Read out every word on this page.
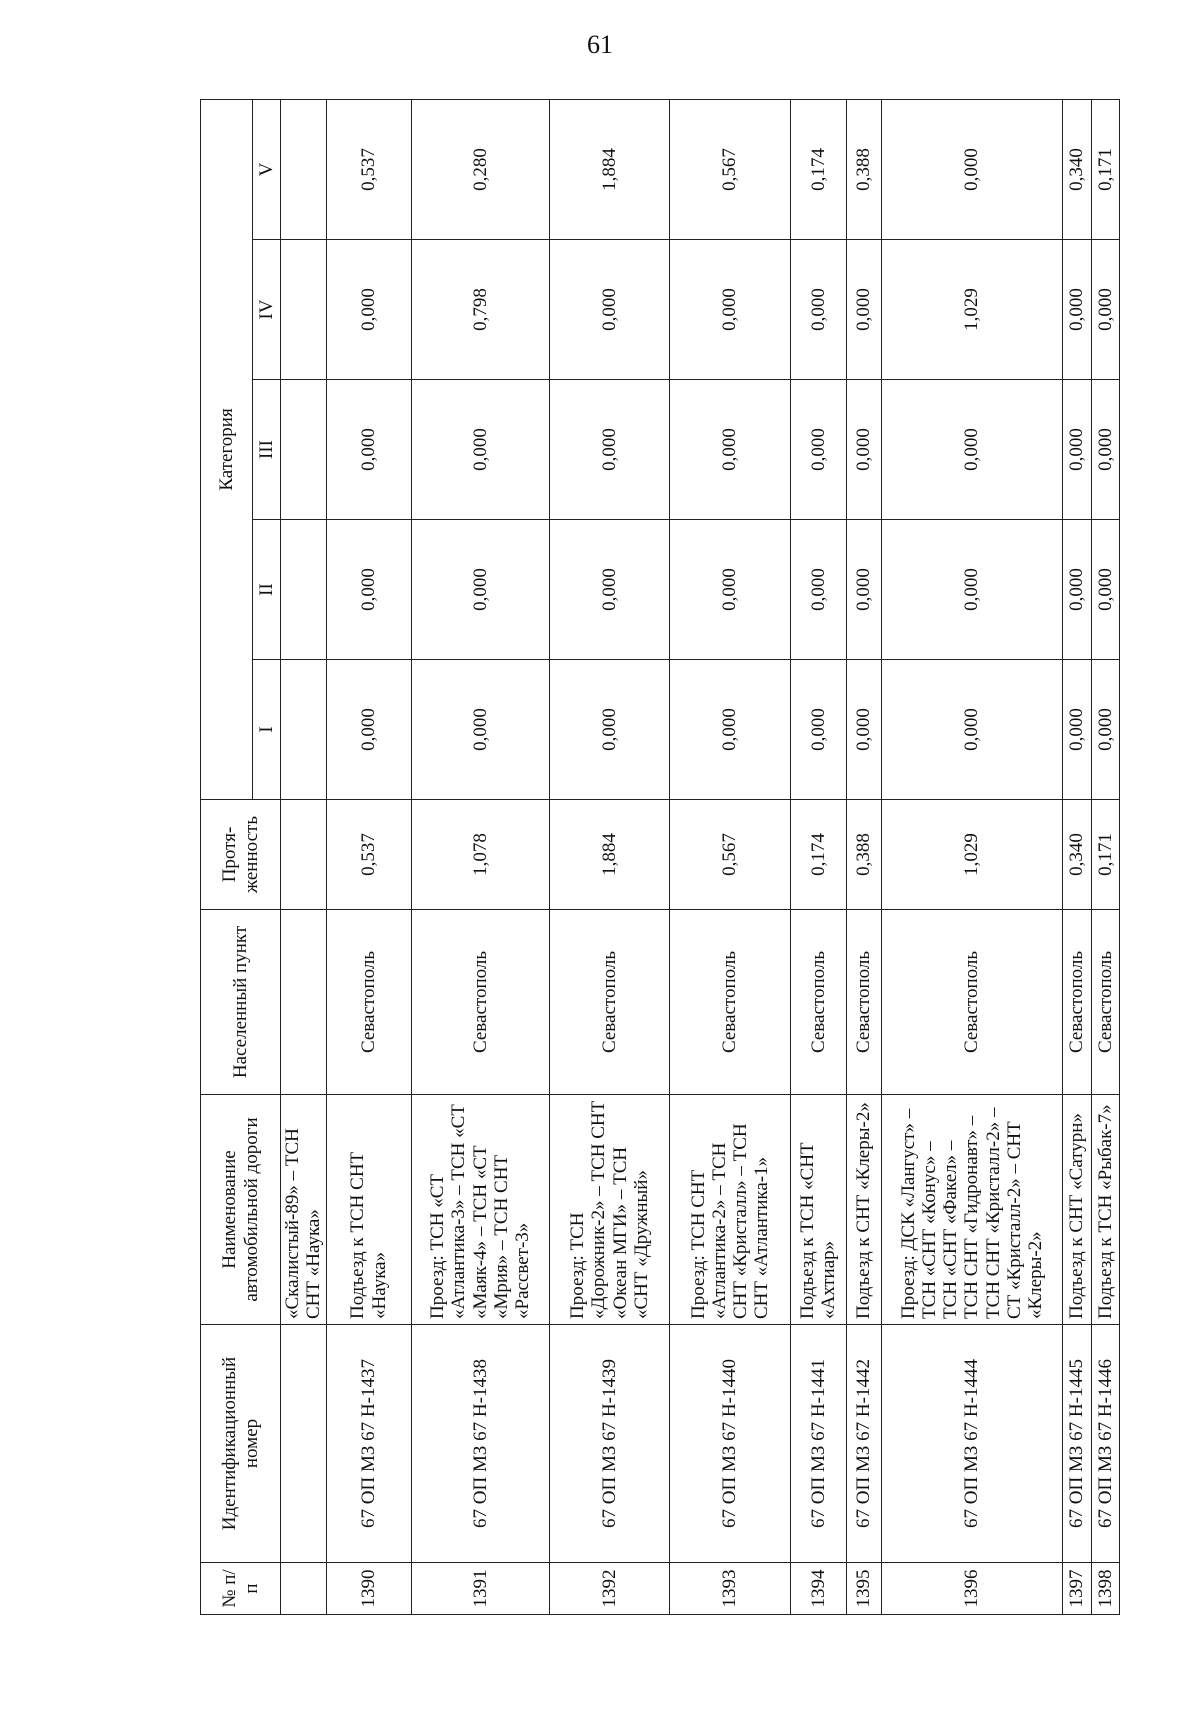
61
№ п/п	Идентификационный номер	Наименование автомобильной дороги	Населенный пункт	Протя- женность	Категория				
					I	II	III	IV	V
		«Скалистый-89» – ТСН СНТ «Наука»							
1390	67 ОП МЗ 67 Н-1437	Подъезд к ТСН СНТ «Наука»	Севастополь	0,537	0,000	0,000	0,000	0,000	0,537
1391	67 ОП МЗ 67 Н-1438	Проезд: ТСН «СТ «Атлантика-3» – ТСН «СТ «Маяк-4» – ТСН «СТ «Мрия» – ТСН СНТ «Рассвет-3»	Севастополь	1,078	0,000	0,000	0,000	0,798	0,280
1392	67 ОП МЗ 67 Н-1439	Проезд: ТСН «Дорожник-2» – ТСН СНТ «Океан МГИ» – ТСН «СНТ «Дружный»	Севастополь	1,884	0,000	0,000	0,000	0,000	1,884
1393	67 ОП МЗ 67 Н-1440	Проезд: ТСН СНТ «Атлантика-2» – ТСН СНТ «Кристалл» – ТСН СНТ «Атлантика-1»	Севастополь	0,567	0,000	0,000	0,000	0,000	0,567
1394	67 ОП МЗ 67 Н-1441	Подъезд к ТСН «СНТ «Ахтиар»	Севастополь	0,174	0,000	0,000	0,000	0,000	0,174
1395	67 ОП МЗ 67 Н-1442	Подъезд к СНТ «Клеры-2»	Севастополь	0,388	0,000	0,000	0,000	0,000	0,388
1396	67 ОП МЗ 67 Н-1444	Проезд: ДСК «Лангуст» – ТСН «СНТ «Конус» – ТСН «СНТ «Факел» – ТСН СНТ «Гидронавт» – ТСН СНТ «Кристалл-2» – СТ «Кристалл-2» – СНТ «Клеры-2»	Севастополь	1,029	0,000	0,000	0,000	1,029	0,000
1397	67 ОП МЗ 67 Н-1445	Подъезд к СНТ «Сатурн»	Севастополь	0,340	0,000	0,000	0,000	0,000	0,340
1398	67 ОП МЗ 67 Н-1446	Подъезд к ТСН «Рыбак-7»	Севастополь	0,171	0,000	0,000	0,000	0,000	0,171
